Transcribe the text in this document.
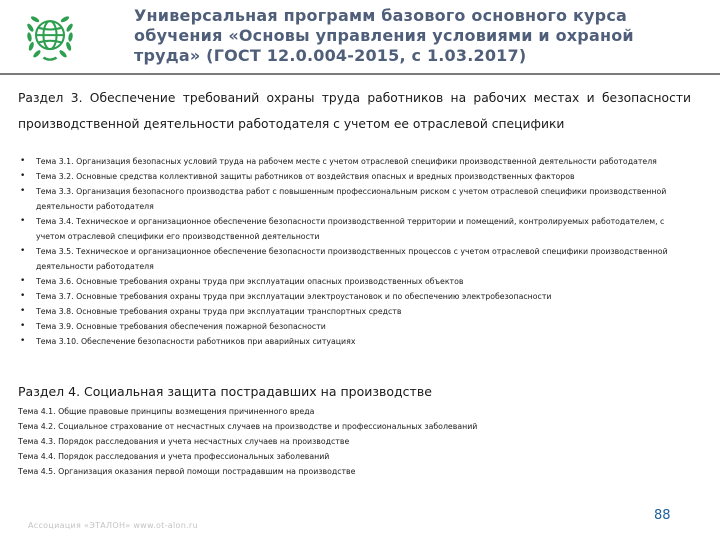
Универсальная программ базового основного курса обучения «Основы управления условиями и охраной труда» (ГОСТ 12.0.004-2015, с 1.03.2017)

Раздел 3. Обеспечение требований охраны труда работников на рабочих местах и безопасности производственной деятельности работодателя с учетом ее отраслевой специфики

• Тема 3.1. Организация безопасных условий труда на рабочем месте с учетом отраслевой специфики производственной деятельности работодателя
• Тема 3.2. Основные средства коллективной защиты работников от воздействия опасных и вредных производственных факторов
• Тема 3.3. Организация безопасного производства работ с повышенным профессиональным риском с учетом отраслевой специфики производственной деятельности работодателя
• Тема 3.4. Техническое и организационное обеспечение безопасности производственной территории и помещений, контролируемых работодателем, с учетом отраслевой специфики его производственной деятельности
• Тема 3.5. Техническое и организационное обеспечение безопасности производственных процессов с учетом отраслевой специфики производственной деятельности работодателя
• Тема 3.6. Основные требования охраны труда при эксплуатации опасных производственных объектов
• Тема 3.7. Основные требования охраны труда при эксплуатации электроустановок и по обеспечению электробезопасности
• Тема 3.8. Основные требования охраны труда при эксплуатации транспортных средств
• Тема 3.9. Основные требования обеспечения пожарной безопасности
• Тема 3.10. Обеспечение безопасности работников при аварийных ситуациях

Раздел 4. Социальная защита пострадавших на производстве

Тема 4.1. Общие правовые принципы возмещения причиненного вреда
Тема 4.2. Социальное страхование от несчастных случаев на производстве и профессиональных заболеваний
Тема 4.3. Порядок расследования и учета несчастных случаев на производстве
Тема 4.4. Порядок расследования и учета профессиональных заболеваний
Тема 4.5. Организация оказания первой помощи пострадавшим на производстве
Ассоциация «ЭТАЛОН» www.ot-alon.ru
88
